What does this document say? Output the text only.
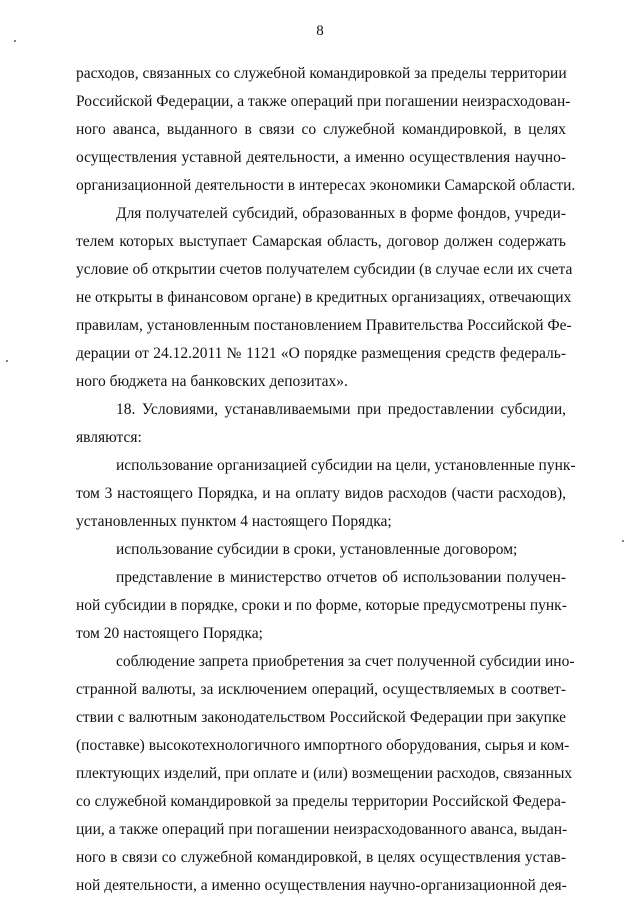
8
расходов, связанных со служебной командировкой за пределы территории
Российской Федерации, а также операций при погашении неизрасходован-
ного аванса, выданного в связи со служебной командировкой, в целях
осуществления уставной деятельности, а именно осуществления научно-
организационной деятельности в интересах экономики Самарской области.
Для получателей субсидий, образованных в форме фондов, учреди-
телем которых выступает Самарская область, договор должен содержать
условие об открытии счетов получателем субсидии (в случае если их счета
не открыты в финансовом органе) в кредитных организациях, отвечающих
правилам, установленным постановлением Правительства Российской Фе-
дерации от 24.12.2011 № 1121 «О порядке размещения средств федераль-
ного бюджета на банковских депозитах».
18. Условиями, устанавливаемыми при предоставлении субсидии,
являются:
использование организацией субсидии на цели, установленные пунк-
том 3 настоящего Порядка, и на оплату видов расходов (части расходов),
установленных пунктом 4 настоящего Порядка;
использование субсидии в сроки, установленные договором;
представление в министерство отчетов об использовании получен-
ной субсидии в порядке, сроки и по форме, которые предусмотрены пунк-
том 20 настоящего Порядка;
соблюдение запрета приобретения за счет полученной субсидии ино-
странной валюты, за исключением операций, осуществляемых в соответ-
ствии с валютным законодательством Российской Федерации при закупке
(поставке) высокотехнологичного импортного оборудования, сырья и ком-
плектующих изделий, при оплате и (или) возмещении расходов, связанных
со служебной командировкой за пределы территории Российской Федера-
ции, а также операций при погашении неизрасходованного аванса, выдан-
ного в связи со служебной командировкой, в целях осуществления устав-
ной деятельности, а именно осуществления научно-организационной дея-
